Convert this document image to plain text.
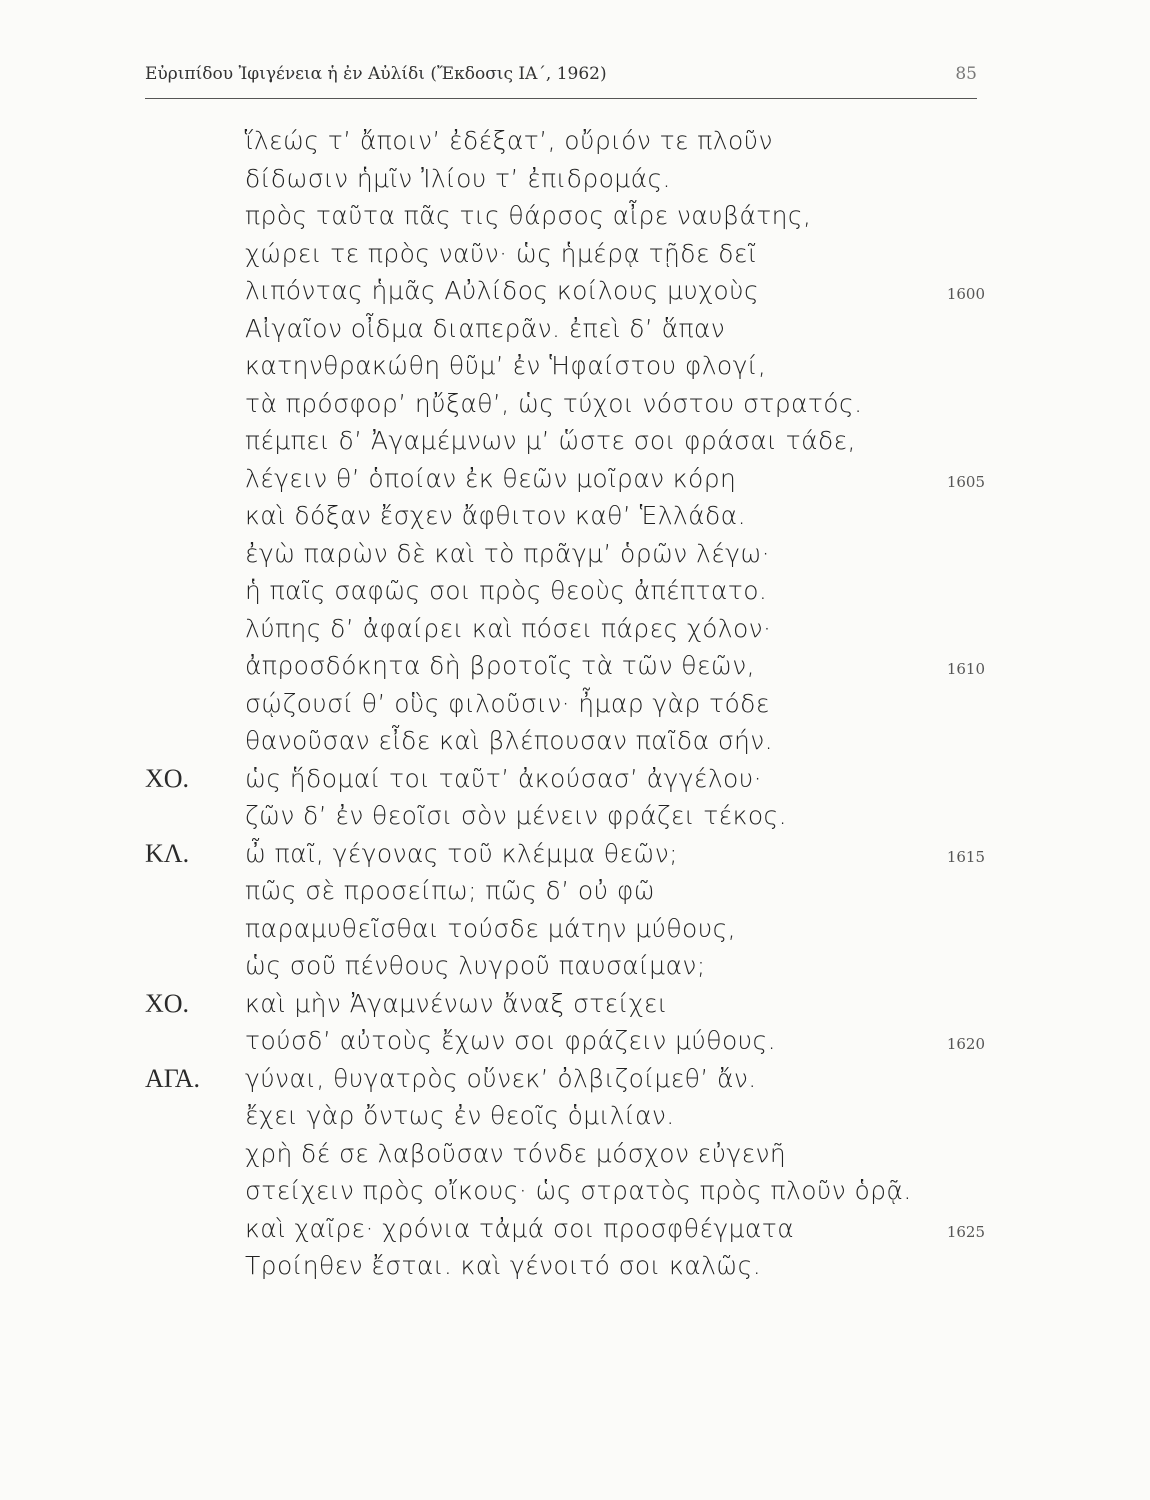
Εὐριπίδου Ἰφιγένεια ἡ ἐν Αὐλίδι (Ἔκδοσις ΙΑ΄, 1962)	85
ἵλεώς τ’ ἄποιν’ ἐδέξατ’, οὔριόν τε πλοῦν
δίδωσιν ἡμῖν Ἰλίου τ’ ἐπιδρομάς.
πρὸς ταῦτα πᾶς τις θάρσος αἶρε ναυβάτης,
χώρει τε πρὸς ναῦν· ὡς ἡμέρᾳ τῇδε δεῖ
λιπόντας ἡμᾶς Αὐλίδος κοίλους μυχοὺς	1600
Αἰγαῖον οἶδμα διαπερᾶν. ἐπεὶ δ’ ἅπαν
κατηνθρακώθη θῦμ’ ἐν Ἡφαίστου φλογί,
τὰ πρόσφορ’ ηὔξαθ’, ὡς τύχοι νόστου στρατός.
πέμπει δ’ Ἀγαμέμνων μ’ ὥστε σοι φράσαι τάδε,
λέγειν θ’ ὁποίαν ἐκ θεῶν μοῖραν κόρη	1605
καὶ δόξαν ἔσχεν ἄφθιτον καθ’ Ἑλλάδα.
ἐγὼ παρὼν δὲ καὶ τὸ πρᾶγμ’ ὁρῶν λέγω·
ἡ παῖς σαφῶς σοι πρὸς θεοὺς ἀπέπτατο.
λύπης δ’ ἀφαίρει καὶ πόσει πάρες χόλον·
ἀπροσδόκητα δὴ βροτοῖς τὰ τῶν θεῶν,	1610
σῴζουσί θ’ οὓς φιλοῦσιν· ἦμαρ γὰρ τόδε
θανοῦσαν εἶδε καὶ βλέπουσαν παῖδα σήν.
ΧΟ.	ὡς ἥδομαί τοι ταῦτ’ ἀκούσασ’ ἀγγέλου·
ζῶν δ’ ἐν θεοῖσι σὸν μένειν φράζει τέκος.
ΚΛ.	ὦ παῖ, γέγονας τοῦ κλέμμα θεῶν;	1615
πῶς σὲ προσείπω; πῶς δ’ οὐ φῶ
παραμυθεῖσθαι τούσδε μάτην μύθους,
ὡς σοῦ πένθους λυγροῦ παυσαίμαν;
ΧΟ.	καὶ μὴν Ἀγαμνένων ἄναξ στείχει
τούσδ’ αὐτοὺς ἔχων σοι φράζειν μύθους.	1620
ΑΓΑ.	γύναι, θυγατρὸς οὕνεκ’ ὀλβιζοίμεθ’ ἄν.
ἔχει γὰρ ὄντως ἐν θεοῖς ὁμιλίαν.
χρὴ δέ σε λαβοῦσαν τόνδε μόσχον εὐγενῆ
στείχειν πρὸς οἴκους· ὡς στρατὸς πρὸς πλοῦν ὁρᾷ.
καὶ χαῖρε· χρόνια τἀμά σοι προσφθέγματα	1625
Τροίηθεν ἔσται. καὶ γένοιτό σοι καλῶς.
